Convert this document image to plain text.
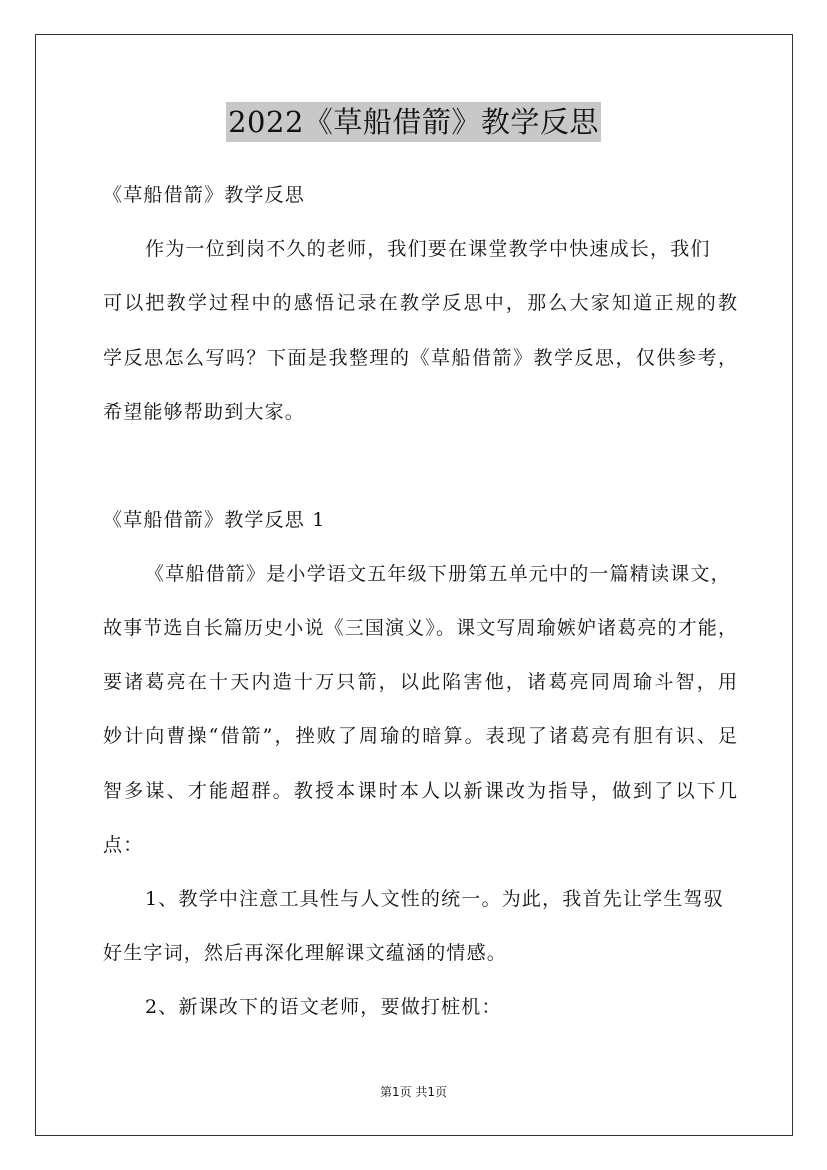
2022《草船借箭》教学反思
《草船借箭》教学反思
作为一位到岗不久的老师，我们要在课堂教学中快速成长，我们
可以把教学过程中的感悟记录在教学反思中，那么大家知道正规的教
学反思怎么写吗？下面是我整理的《草船借箭》教学反思，仅供参考，
希望能够帮助到大家。
《草船借箭》教学反思 1
《草船借箭》是小学语文五年级下册第五单元中的一篇精读课文，
故事节选自长篇历史小说《三国演义》。课文写周瑜嫉妒诸葛亮的才能，
要诸葛亮在十天内造十万只箭，以此陷害他，诸葛亮同周瑜斗智，用
妙计向曹操“借箭”，挫败了周瑜的暗算。表现了诸葛亮有胆有识、足
智多谋、才能超群。教授本课时本人以新课改为指导，做到了以下几
点：
1、教学中注意工具性与人文性的统一。为此，我首先让学生驾驭
好生字词，然后再深化理解课文蕴涵的情感。
2、新课改下的语文老师，要做打桩机：
第1页 共1页
